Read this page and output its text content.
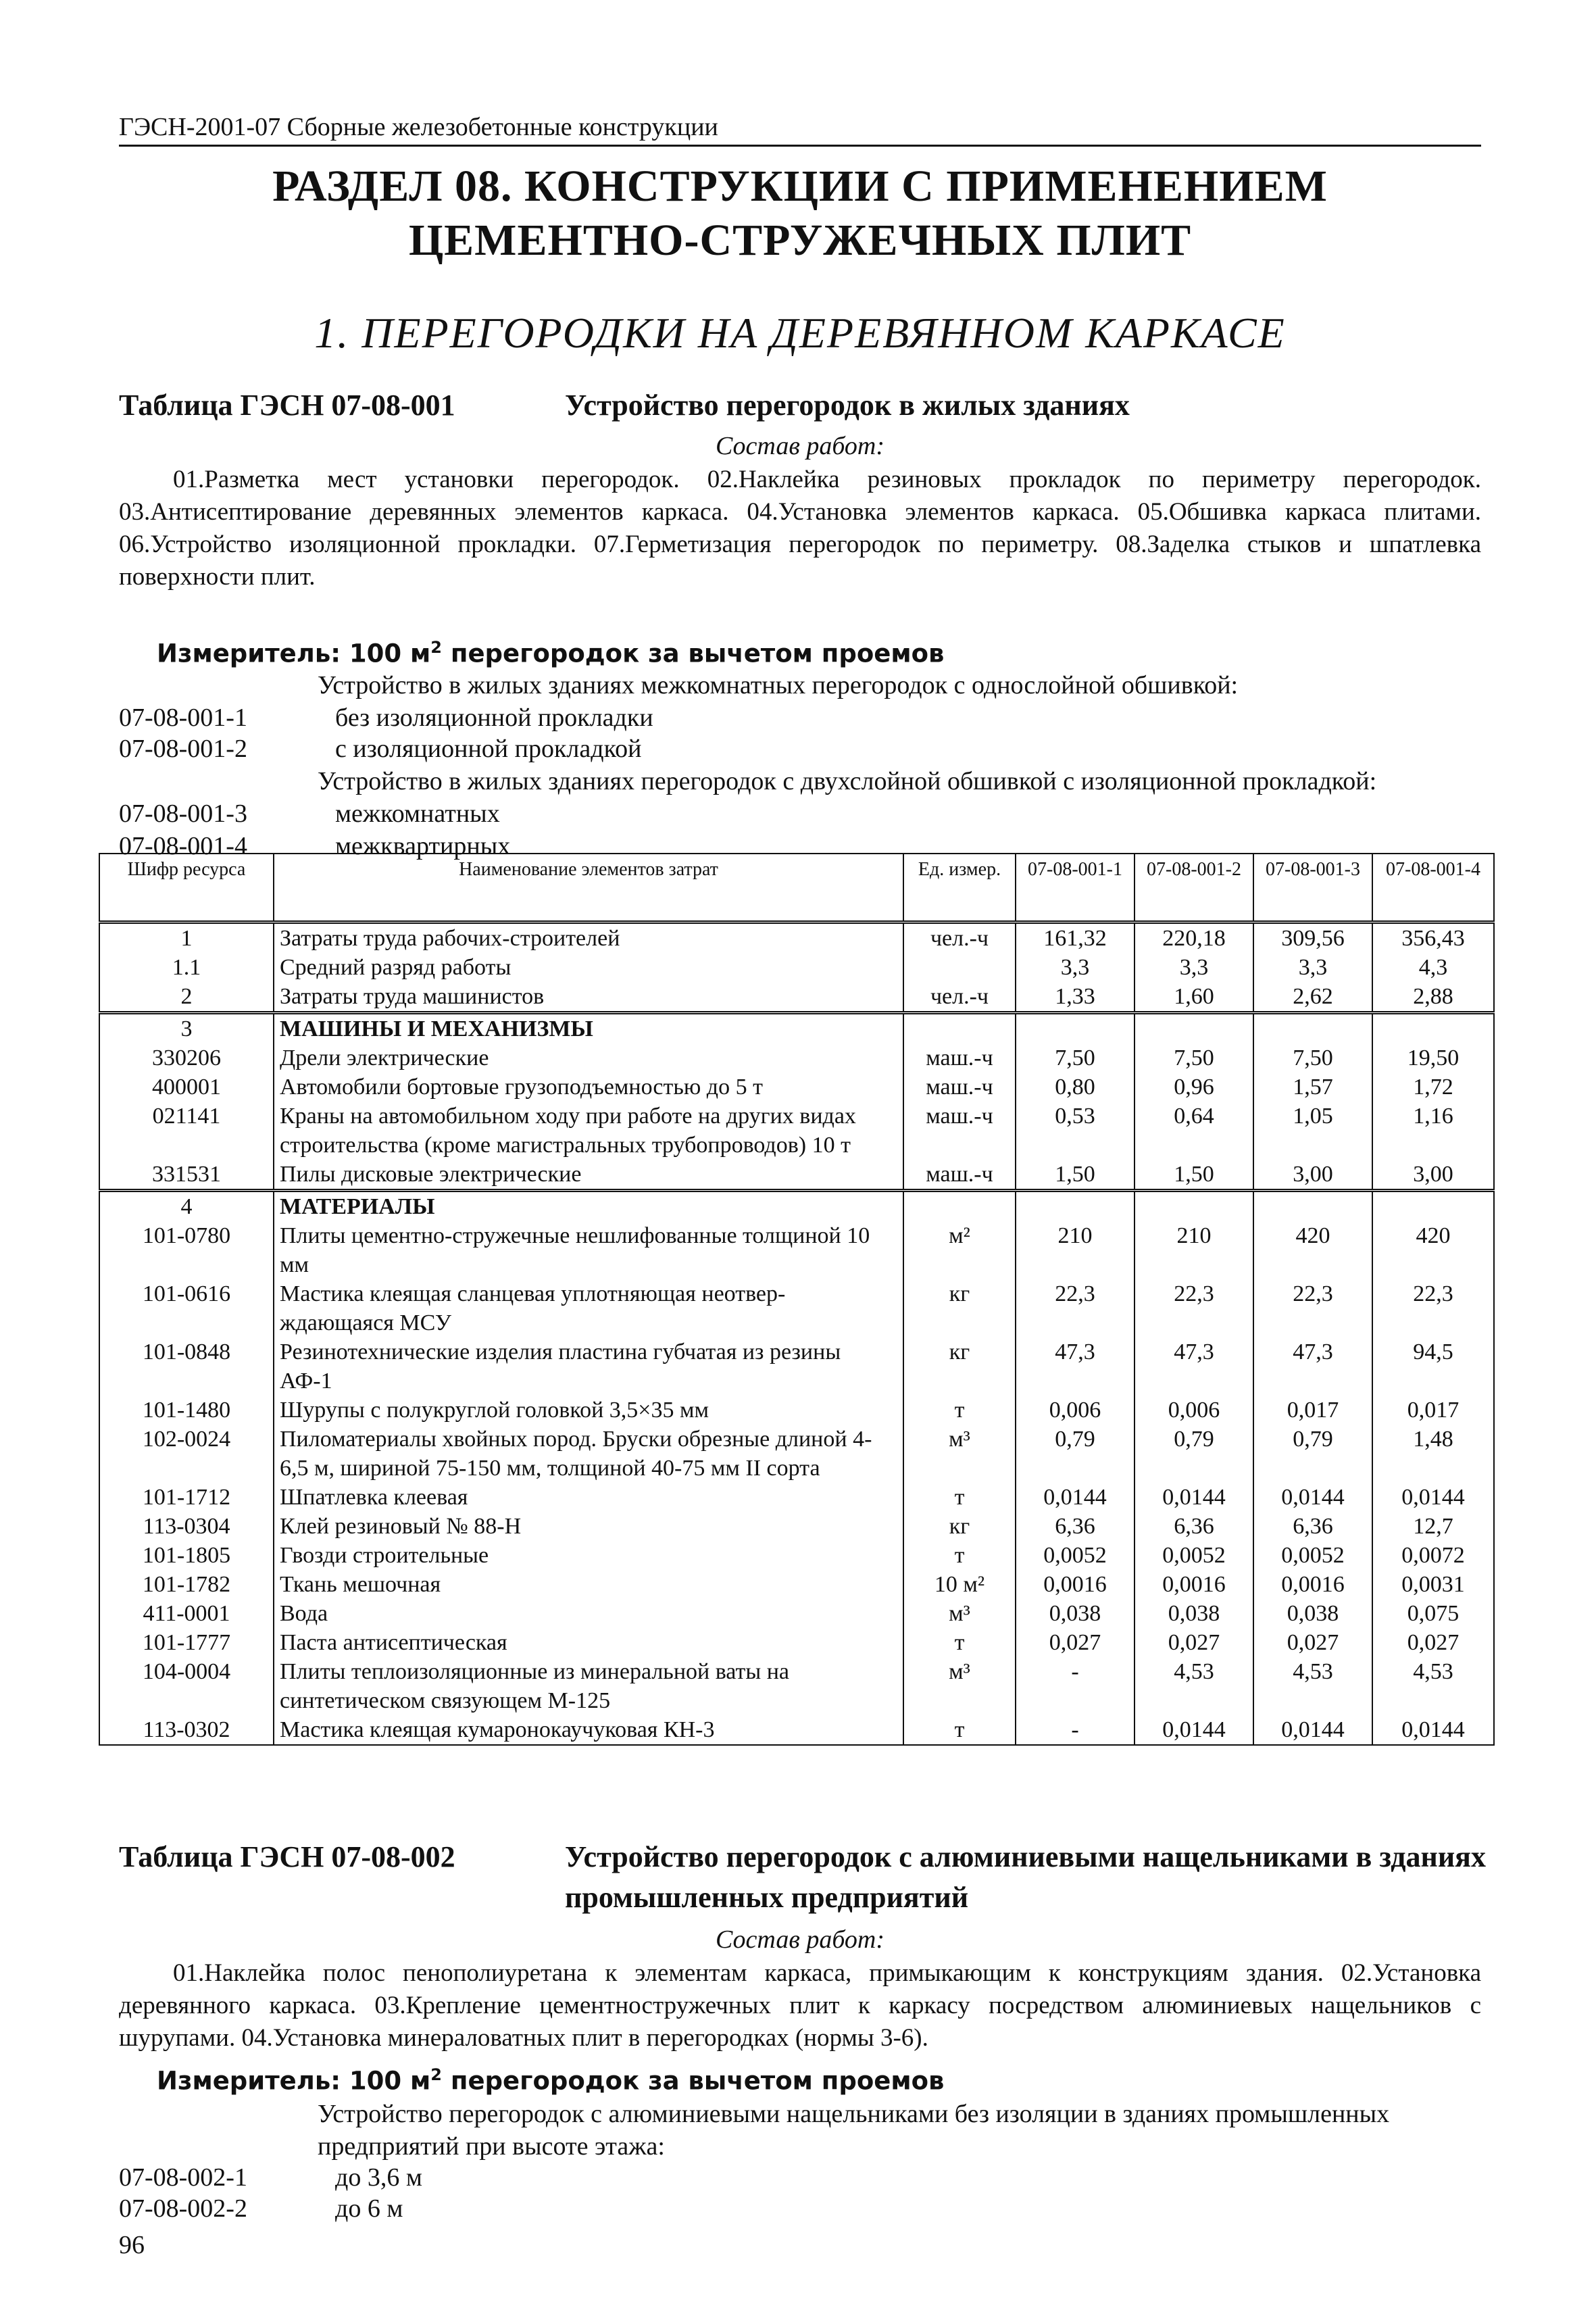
ГЭСН-2001-07 Сборные железобетонные конструкции
РАЗДЕЛ 08. КОНСТРУКЦИИ С ПРИМЕНЕНИЕМ
ЦЕМЕНТНО-СТРУЖЕЧНЫХ ПЛИТ
1. ПЕРЕГОРОДКИ НА ДЕРЕВЯННОМ КАРКАСЕ
Таблица ГЭСН 07-08-001	Устройство перегородок в жилых зданиях
Состав работ:
01.Разметка мест установки перегородок. 02.Наклейка резиновых прокладок по периметру перегородок. 03.Антисептирование деревянных элементов каркаса. 04.Установка элементов каркаса. 05.Обшивка каркаса плитами. 06.Устройство изоляционной прокладки. 07.Герметизация перегородок по периметру. 08.Заделка стыков и шпатлевка поверхности плит.
Измеритель: 100 $м^2$ перегородок за вычетом проемов
Устройство в жилых зданиях межкомнатных перегородок с однослойной обшивкой:
07-08-001-1	без изоляционной прокладки
07-08-001-2	с изоляционной прокладкой
Устройство в жилых зданиях перегородок с двухслойной обшивкой с изоляционной прокладкой:
07-08-001-3	межкомнатных
07-08-001-4	межквартирных
Шифр ресурса	Наименование элементов затрат	Ед. измер.	07-08-001-1	07-08-001-2	07-08-001-3	07-08-001-4
1	Затраты труда рабочих-строителей	чел.-ч	161,32	220,18	309,56	356,43
1.1	Средний разряд работы		3,3	3,3	3,3	4,3
2	Затраты труда машинистов	чел.-ч	1,33	1,60	2,62	2,88
3	МАШИНЫ И МЕХАНИЗМЫ					
330206	Дрели электрические	маш.-ч	7,50	7,50	7,50	19,50
400001	Автомобили бортовые грузоподъемностью до 5 т	маш.-ч	0,80	0,96	1,57	1,72
021141	Краны на автомобильном ходу при работе на других видах строительства (кроме магистральных трубопроводов) 10 т	маш.-ч	0,53	0,64	1,05	1,16
331531	Пилы дисковые электрические	маш.-ч	1,50	1,50	3,00	3,00
4	МАТЕРИАЛЫ					
101-0780	Плиты цементно-стружечные нешлифованные толщиной 10 мм	м²	210	210	420	420
101-0616	Мастика клеящая сланцевая уплотняющая неотвер-ждающаяся МСУ	кг	22,3	22,3	22,3	22,3
101-0848	Резинотехнические изделия пластина губчатая из резины АФ-1	кг	47,3	47,3	47,3	94,5
101-1480	Шурупы с полукруглой головкой 3,5×35 мм	т	0,006	0,006	0,017	0,017
102-0024	Пиломатериалы хвойных пород. Бруски обрезные длиной 4-6,5 м, шириной 75-150 мм, толщиной 40-75 мм II сорта	м³	0,79	0,79	0,79	1,48
101-1712	Шпатлевка клеевая	т	0,0144	0,0144	0,0144	0,0144
113-0304	Клей резиновый № 88-Н	кг	6,36	6,36	6,36	12,7
101-1805	Гвозди строительные	т	0,0052	0,0052	0,0052	0,0072
101-1782	Ткань мешочная	10 м²	0,0016	0,0016	0,0016	0,0031
411-0001	Вода	м³	0,038	0,038	0,038	0,075
101-1777	Паста антисептическая	т	0,027	0,027	0,027	0,027
104-0004	Плиты теплоизоляционные из минеральной ваты на синтетическом связующем М-125	м³	-	4,53	4,53	4,53
113-0302	Мастика клеящая кумаронокаучуковая КН-3	т	-	0,0144	0,0144	0,0144
Таблица ГЭСН 07-08-002	Устройство перегородок с алюминиевыми нащельниками в зданиях промышленных предприятий
Состав работ:
01.Наклейка полос пенополиуретана к элементам каркаса, примыкающим к конструкциям здания. 02.Установка деревянного каркаса. 03.Крепление цементностружечных плит к каркасу посредством алюминиевых нащельников с шурупами. 04.Установка минераловатных плит в перегородках (нормы 3-6).
Измеритель: 100 $м^2$ перегородок за вычетом проемов
Устройство перегородок с алюминиевыми нащельниками без изоляции в зданиях промышленных предприятий при высоте этажа:
07-08-002-1	до 3,6 м
07-08-002-2	до 6 м
96
